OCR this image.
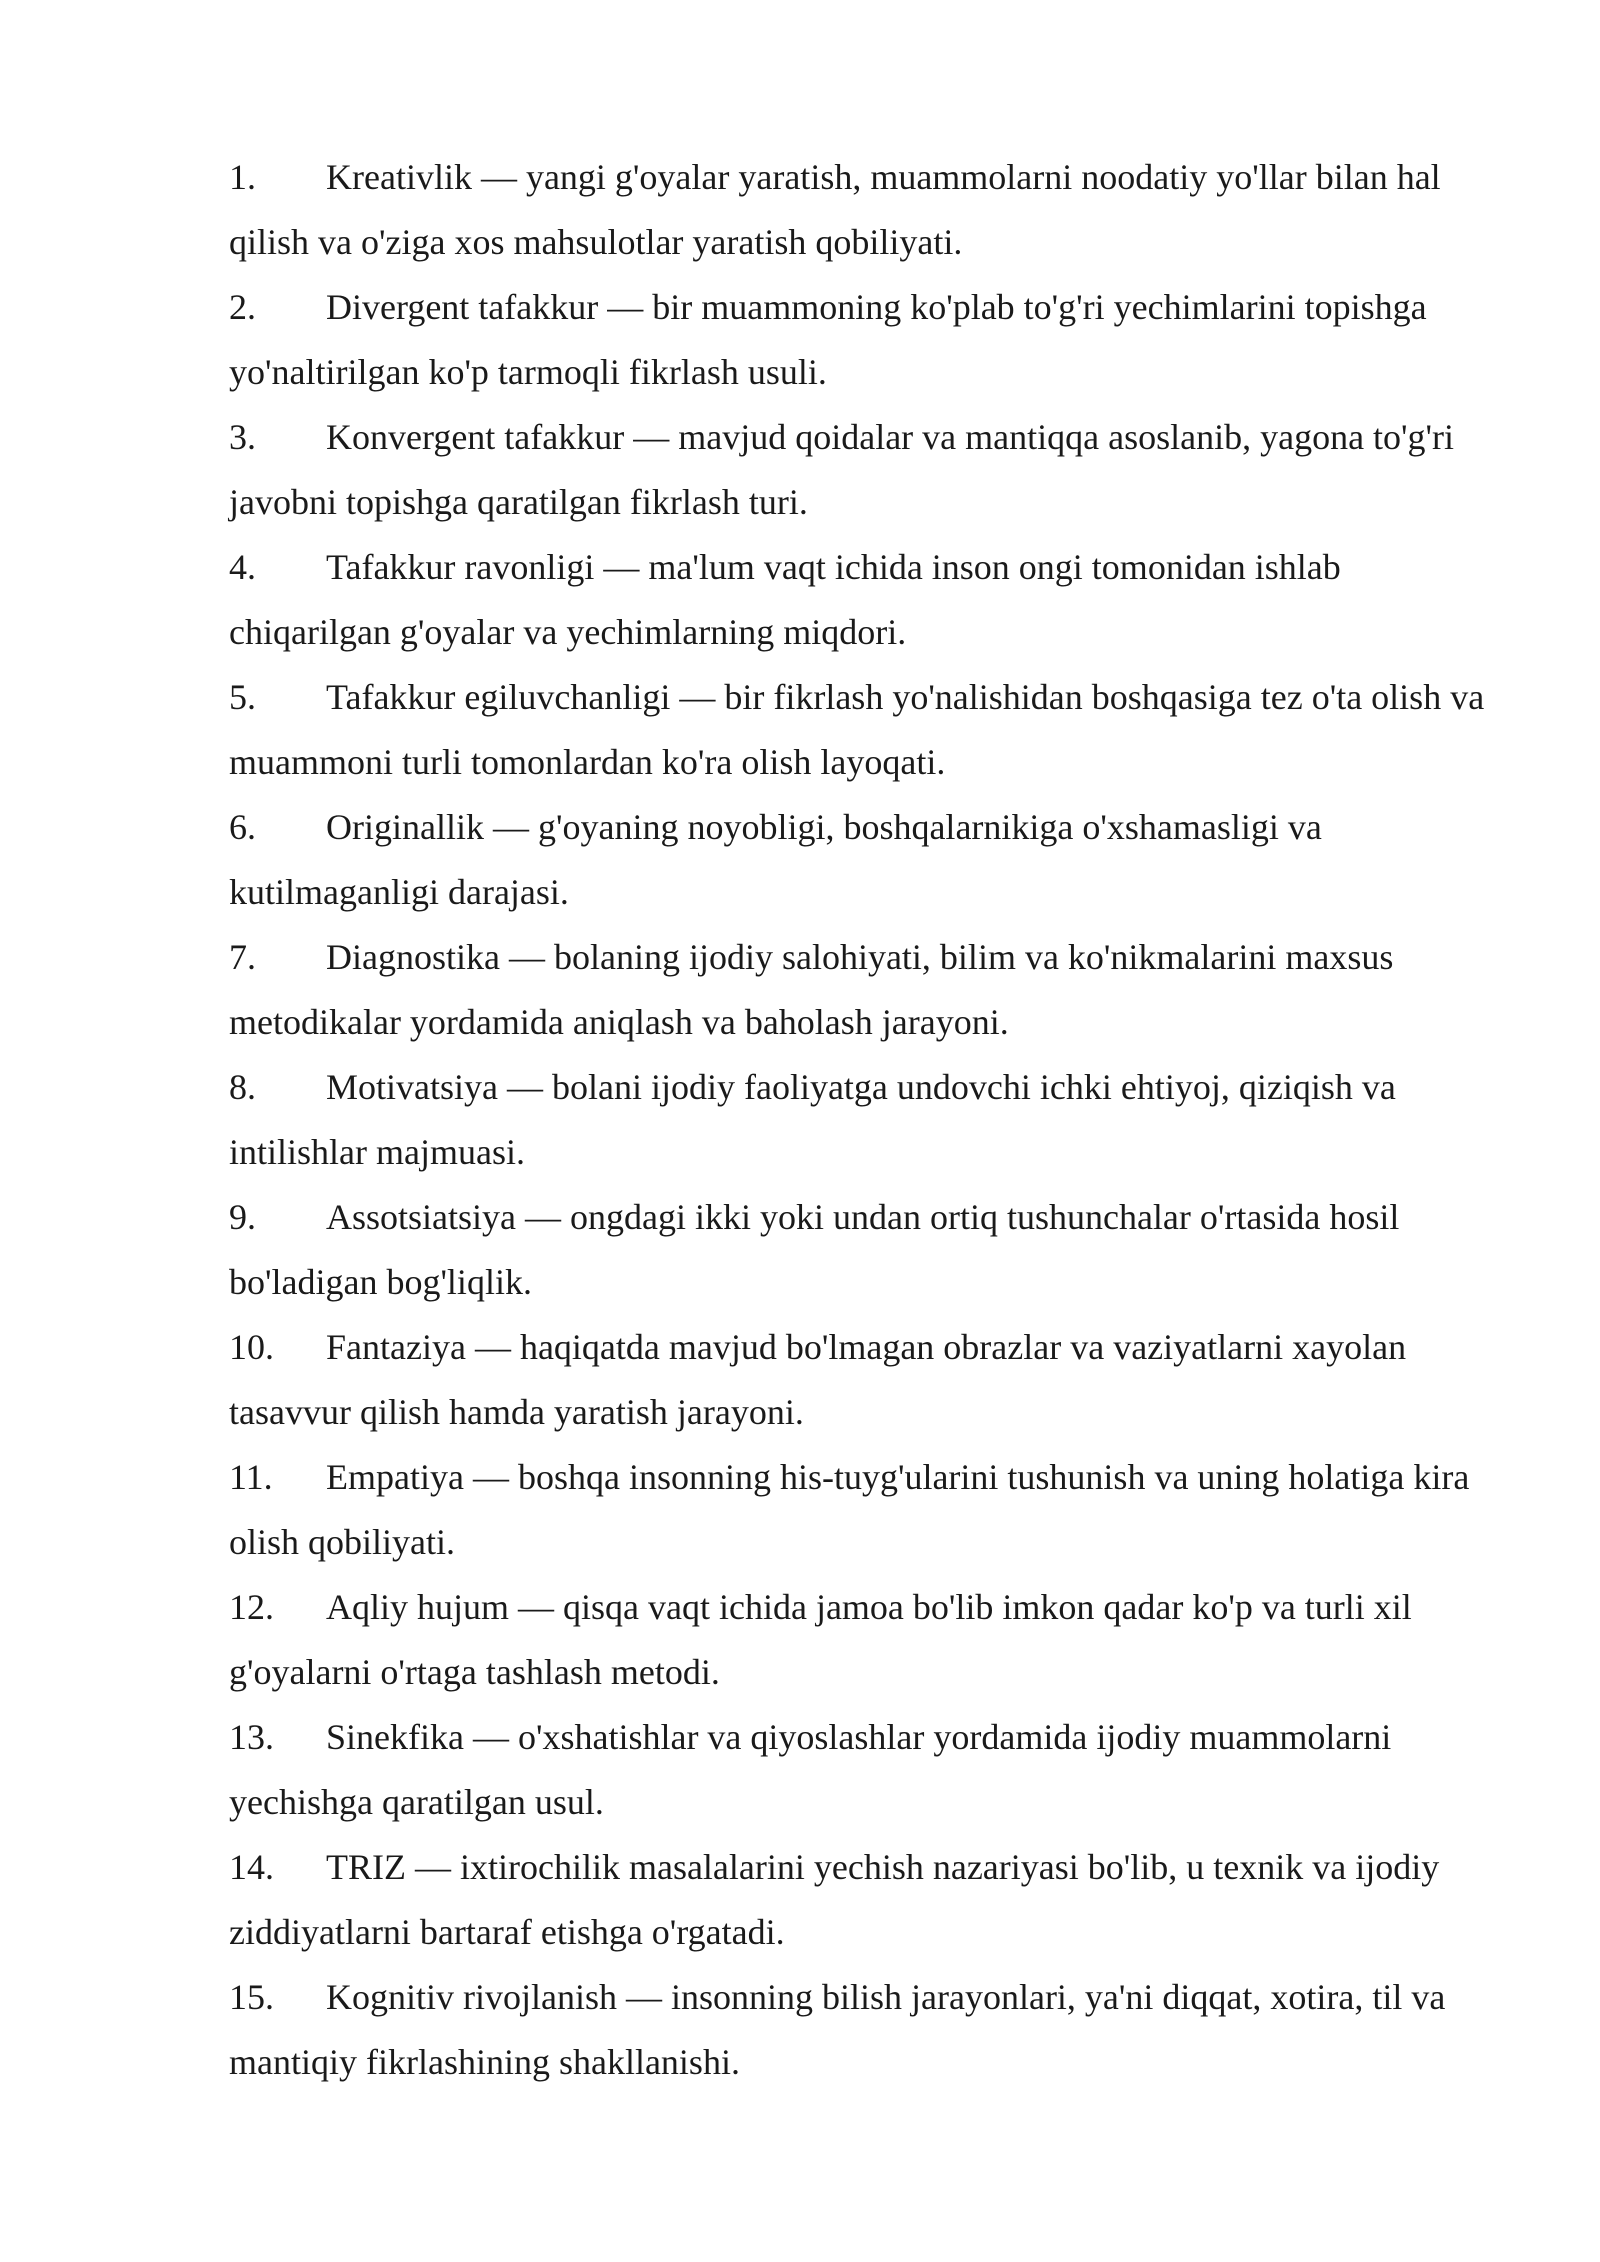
1. Kreativlik — yangi g'oyalar yaratish, muammolarni noodatiy yo'llar bilan hal qilish va o'ziga xos mahsulotlar yaratish qobiliyati.

2. Divergent tafakkur — bir muammoning ko'plab to'g'ri yechimlarini topishga yo'naltirilgan ko'p tarmoqli fikrlash usuli.

3. Konvergent tafakkur — mavjud qoidalar va mantiqqa asoslanib, yagona to'g'ri javobni topishga qaratilgan fikrlash turi.

4. Tafakkur ravonligi — ma'lum vaqt ichida inson ongi tomonidan ishlab chiqarilgan g'oyalar va yechimlarning miqdori.

5. Tafakkur egiluvchanligi — bir fikrlash yo'nalishidan boshqasiga tez o'ta olish va muammoni turli tomonlardan ko'ra olish layoqati.

6. Originallik — g'oyaning noyobligi, boshqalarnikiga o'xshamasligi va kutilmaganligi darajasi.

7. Diagnostika — bolaning ijodiy salohiyati, bilim va ko'nikmalarini maxsus metodikalar yordamida aniqlash va baholash jarayoni.

8. Motivatsiya — bolani ijodiy faoliyatga undovchi ichki ehtiyoj, qiziqish va intilishlar majmuasi.

9. Assotsiatsiya — ongdagi ikki yoki undan ortiq tushunchalar o'rtasida hosil bo'ladigan bog'liqlik.

10. Fantaziya — haqiqatda mavjud bo'lmagan obrazlar va vaziyatlarni xayolan tasavvur qilish hamda yaratish jarayoni.

11. Empatiya — boshqa insonning his-tuyg'ularini tushunish va uning holatiga kira olish qobiliyati.

12. Aqliy hujum — qisqa vaqt ichida jamoa bo'lib imkon qadar ko'p va turli xil g'oyalarni o'rtaga tashlash metodi.

13. Sinekfika — o'xshatishlar va qiyoslashlar yordamida ijodiy muammolarni yechishga qaratilgan usul.

14. TRIZ — ixtirochilik masalalarini yechish nazariyasi bo'lib, u texnik va ijodiy ziddiyatlarni bartaraf etishga o'rgatadi.

15. Kognitiv rivojlanish — insonning bilish jarayonlari, ya'ni diqqat, xotira, til va mantiqiy fikrlashining shakllanishi.
